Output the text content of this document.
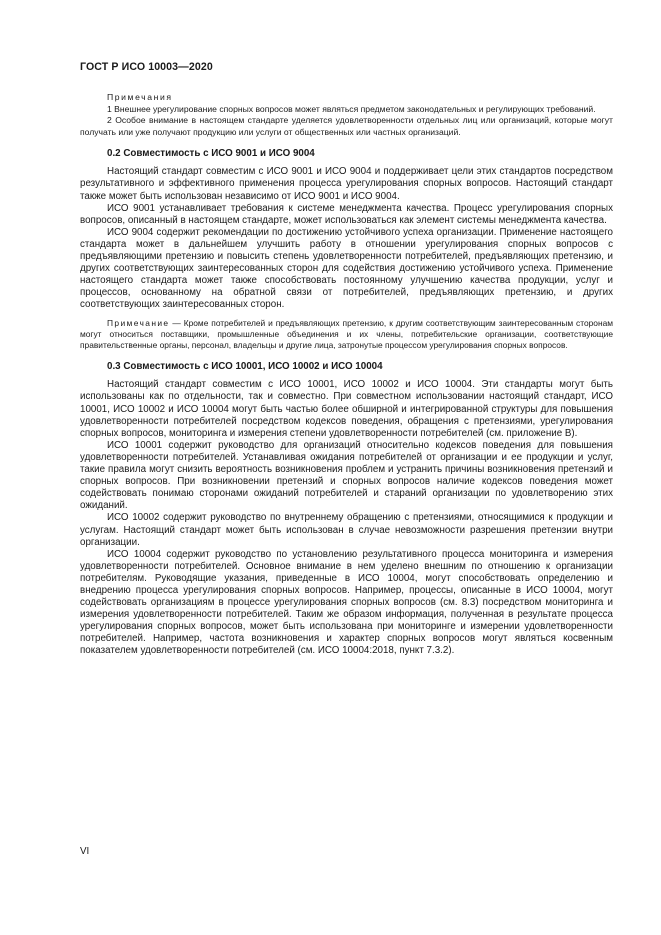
ГОСТ Р ИСО 10003—2020

Примечания

1 Внешнее урегулирование спорных вопросов может являться предметом законодательных и регулирующих требований.

2 Особое внимание в настоящем стандарте уделяется удовлетворенности отдельных лиц или организаций, которые могут получать или уже получают продукцию или услуги от общественных или частных организаций.

0.2 Совместимость с ИСО 9001 и ИСО 9004

Настоящий стандарт совместим с ИСО 9001 и ИСО 9004 и поддерживает цели этих стандартов посредством результативного и эффективного применения процесса урегулирования спорных вопросов. Настоящий стандарт также может быть использован независимо от ИСО 9001 и ИСО 9004.

ИСО 9001 устанавливает требования к системе менеджмента качества. Процесс урегулирования спорных вопросов, описанный в настоящем стандарте, может использоваться как элемент системы менеджмента качества.

ИСО 9004 содержит рекомендации по достижению устойчивого успеха организации. Применение настоящего стандарта может в дальнейшем улучшить работу в отношении урегулирования спорных вопросов с предъявляющими претензию и повысить степень удовлетворенности потребителей, предъявляющих претензию, и других соответствующих заинтересованных сторон для содействия достижению устойчивого успеха. Применение настоящего стандарта может также способствовать постоянному улучшению качества продукции, услуг и процессов, основанному на обратной связи от потребителей, предъявляющих претензию, и других соответствующих заинтересованных сторон.

Примечание — Кроме потребителей и предъявляющих претензию, к другим соответствующим заинтересованным сторонам могут относиться поставщики, промышленные объединения и их члены, потребительские организации, соответствующие правительственные органы, персонал, владельцы и другие лица, затронутые процессом урегулирования спорных вопросов.
0.3 Совместимость с ИСО 10001, ИСО 10002 и ИСО 10004

Настоящий стандарт совместим с ИСО 10001, ИСО 10002 и ИСО 10004. Эти стандарты могут быть использованы как по отдельности, так и совместно. При совместном использовании настоящий стандарт, ИСО 10001, ИСО 10002 и ИСО 10004 могут быть частью более обширной и интегрированной структуры для повышения удовлетворенности потребителей посредством кодексов поведения, обращения с претензиями, урегулирования спорных вопросов, мониторинга и измерения степени удовлетворенности потребителей (см. приложение В).

ИСО 10001 содержит руководство для организаций относительно кодексов поведения для повышения удовлетворенности потребителей. Устанавливая ожидания потребителей от организации и ее продукции и услуг, такие правила могут снизить вероятность возникновения проблем и устранить причины возникновения претензий и спорных вопросов. При возникновении претензий и спорных вопросов наличие кодексов поведения может содействовать понимаю сторонами ожиданий потребителей и стараний организации по удовлетворению этих ожиданий.

ИСО 10002 содержит руководство по внутреннему обращению с претензиями, относящимися к продукции и услугам. Настоящий стандарт может быть использован в случае невозможности разрешения претензии внутри организации.

ИСО 10004 содержит руководство по установлению результативного процесса мониторинга и измерения удовлетворенности потребителей. Основное внимание в нем уделено внешним по отношению к организации потребителям. Руководящие указания, приведенные в ИСО 10004, могут способствовать определению и внедрению процесса урегулирования спорных вопросов. Например, процессы, описанные в ИСО 10004, могут содействовать организациям в процессе урегулирования спорных вопросов (см. 8.3) посредством мониторинга и измерения удовлетворенности потребителей. Таким же образом информация, полученная в результате процесса урегулирования спорных вопросов, может быть использована при мониторинге и измерении удовлетворенности потребителей. Например, частота возникновения и характер спорных вопросов могут являться косвенным показателем удовлетворенности потребителей (см. ИСО 10004:2018, пункт 7.3.2).

VI
